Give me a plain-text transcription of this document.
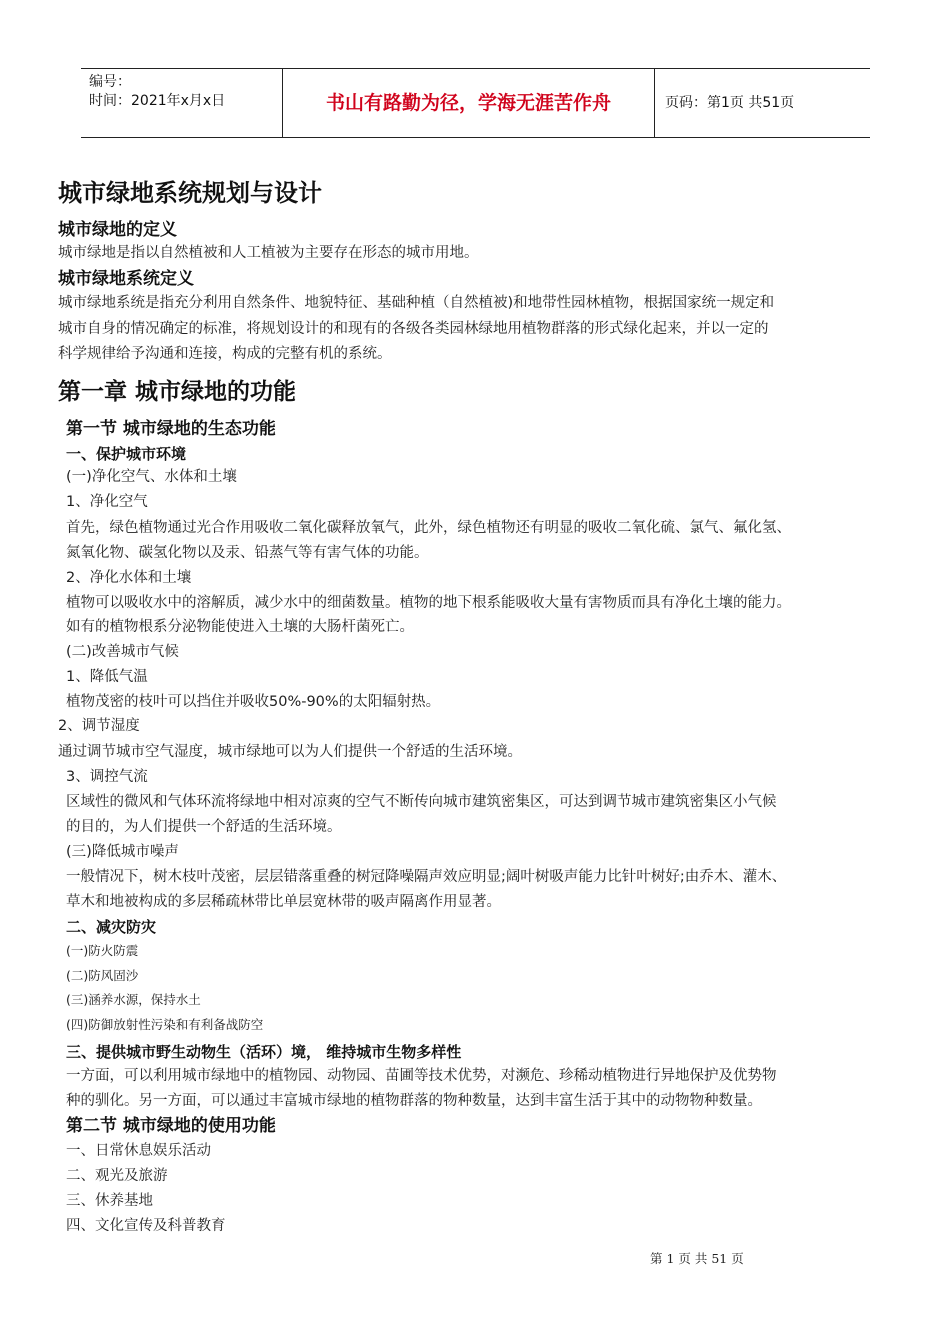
编号：
时间：2021年x月x日	书山有路勤为径，学海无涯苦作舟	页码：第1页 共51页
城市绿地系统规划与设计
城市绿地的定义
城市绿地是指以自然植被和人工植被为主要存在形态的城市用地。
城市绿地系统定义
城市绿地系统是指充分利用自然条件、地貌特征、基础种植（自然植被)和地带性园林植物，根据国家统一规定和
城市自身的情况确定的标准，将规划设计的和现有的各级各类园林绿地用植物群落的形式绿化起来，并以一定的
科学规律给予沟通和连接，构成的完整有机的系统。
第一章 城市绿地的功能
第一节 城市绿地的生态功能
一、保护城市环境
(一)净化空气、水体和土壤
1、净化空气
首先，绿色植物通过光合作用吸收二氧化碳释放氧气，此外，绿色植物还有明显的吸收二氧化硫、氯气、氟化氢、
氮氧化物、碳氢化物以及汞、铅蒸气等有害气体的功能。
2、净化水体和土壤
植物可以吸收水中的溶解质，减少水中的细菌数量。植物的地下根系能吸收大量有害物质而具有净化土壤的能力。
如有的植物根系分泌物能使进入土壤的大肠杆菌死亡。
(二)改善城市气候
1、降低气温
植物茂密的枝叶可以挡住并吸收50%-90%的太阳辐射热。
2、调节湿度
通过调节城市空气湿度，城市绿地可以为人们提供一个舒适的生活环境。
3、调控气流
区域性的微风和气体环流将绿地中相对凉爽的空气不断传向城市建筑密集区，可达到调节城市建筑密集区小气候
的目的，为人们提供一个舒适的生活环境。
(三)降低城市噪声
一般情况下，树木枝叶茂密，层层错落重叠的树冠降噪隔声效应明显;阔叶树吸声能力比针叶树好;由乔木、灌木、
草木和地被构成的多层稀疏林带比单层宽林带的吸声隔离作用显著。
二、减灾防灾
(一)防火防震
(二)防风固沙
(三)涵养水源，保持水土
(四)防御放射性污染和有利备战防空
三、提供城市野生动物生（活环）境， 维持城市生物多样性
一方面，可以利用城市绿地中的植物园、动物园、苗圃等技术优势，对濒危、珍稀动植物进行异地保护及优势物
种的驯化。另一方面，可以通过丰富城市绿地的植物群落的物种数量，达到丰富生活于其中的动物物种数量。
第二节 城市绿地的使用功能
一、日常休息娱乐活动
二、观光及旅游
三、休养基地
四、文化宣传及科普教育
第 1 页 共 51 页
